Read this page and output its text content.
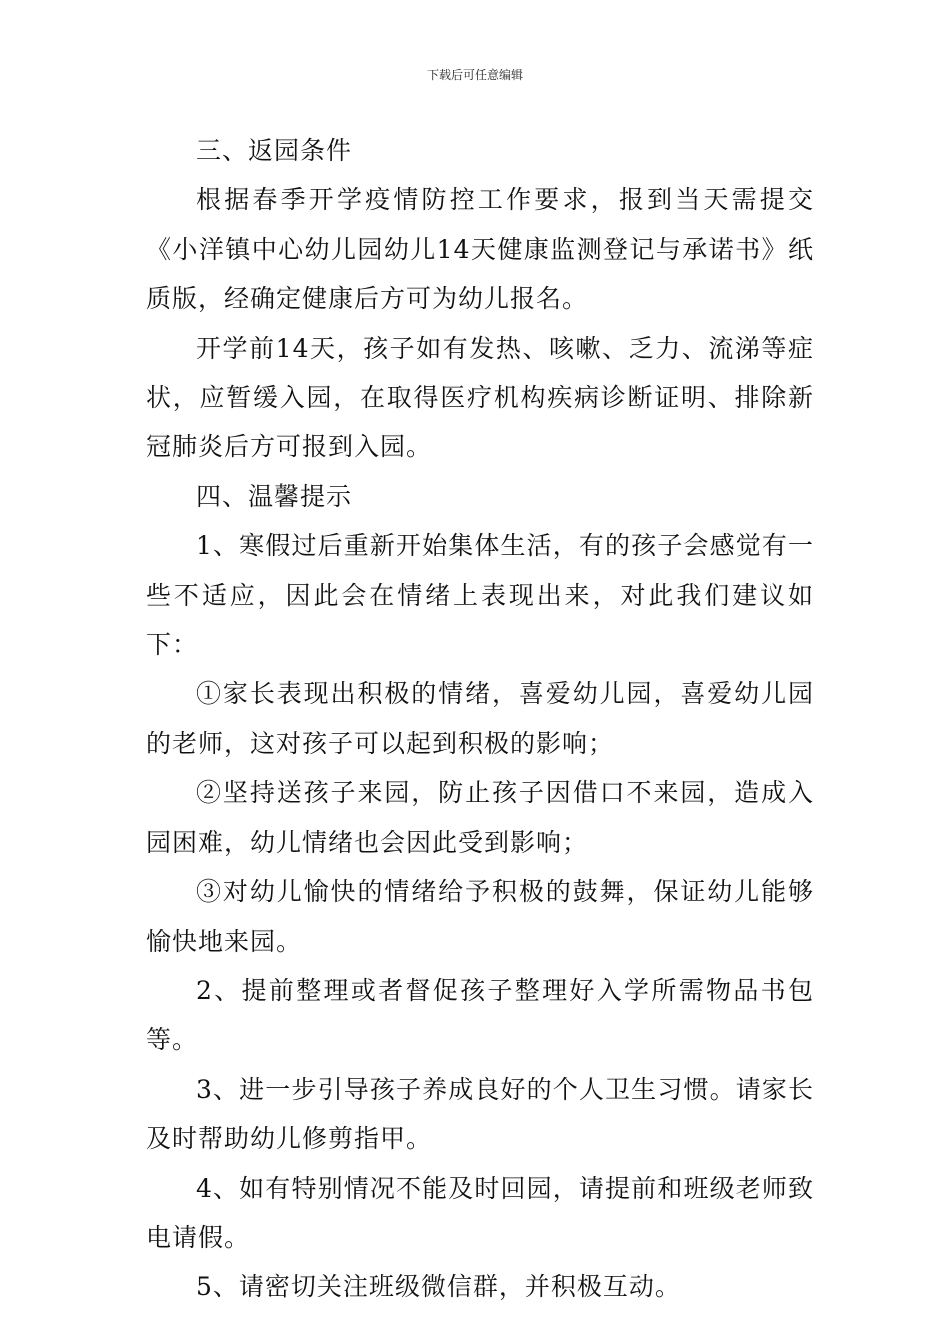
下载后可任意编辑

三、返园条件

根据春季开学疫情防控工作要求，报到当天需提交《小洋镇中心幼儿园幼儿14天健康监测登记与承诺书》纸质版，经确定健康后方可为幼儿报名。

开学前14天，孩子如有发热、咳嗽、乏力、流涕等症状，应暂缓入园，在取得医疗机构疾病诊断证明、排除新冠肺炎后方可报到入园。

四、温馨提示

1、寒假过后重新开始集体生活，有的孩子会感觉有一些不适应，因此会在情绪上表现出来，对此我们建议如下：

①家长表现出积极的情绪，喜爱幼儿园，喜爱幼儿园的老师，这对孩子可以起到积极的影响；

②坚持送孩子来园，防止孩子因借口不来园，造成入园困难，幼儿情绪也会因此受到影响；

③对幼儿愉快的情绪给予积极的鼓舞，保证幼儿能够愉快地来园。

2、提前整理或者督促孩子整理好入学所需物品书包等。

3、进一步引导孩子养成良好的个人卫生习惯。请家长及时帮助幼儿修剪指甲。

4、如有特别情况不能及时回园，请提前和班级老师致电请假。

5、请密切关注班级微信群，并积极互动。
